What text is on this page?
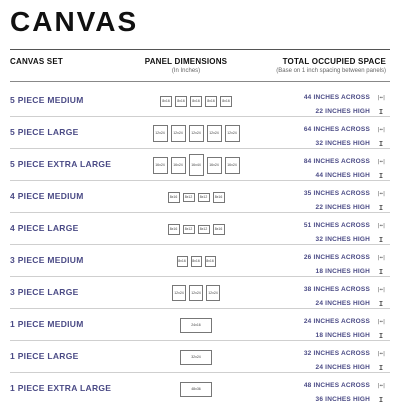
CANVAS
CANVAS SET	PANEL DIMENSIONS
(In Inches)
TOTAL OCCUPIED SPACE
(Base on 1 inch spacing between panels)
5 PIECE MEDIUM	8x16	8x16	8x16	8x16	8x16	44 INCHES ACROSS
22 INCHES HIGH
|↔|
I
5 PIECE LARGE	12x24	12x24	12x24	12x24	12x24	64 INCHES ACROSS
32 INCHES HIGH
|↔|
I
5 PIECE EXTRA LARGE	16x24	16x24	16x44	16x24	16x24	84 INCHES ACROSS
44 INCHES HIGH
|↔|
I
4 PIECE MEDIUM	8x16	8x12	8x12	8x16	35 INCHES ACROSS
22 INCHES HIGH
|↔|
I
4 PIECE LARGE	8x16	8x12	8x12	8x16	51 INCHES ACROSS
32 INCHES HIGH
|↔|
I
3 PIECE MEDIUM	8x16	8x16	8x16	26 INCHES ACROSS
18 INCHES HIGH
|↔|
I
3 PIECE LARGE	12x24	12x24	12x24	38 INCHES ACROSS
24 INCHES HIGH
|↔|
I
1 PIECE MEDIUM	24x16	24 INCHES ACROSS
18 INCHES HIGH
|↔|
I
1 PIECE LARGE	32x24	32 INCHES ACROSS
24 INCHES HIGH
|↔|
I
1 PIECE EXTRA LARGE	48x36	48 INCHES ACROSS
36 INCHES HIGH
|↔|
I
